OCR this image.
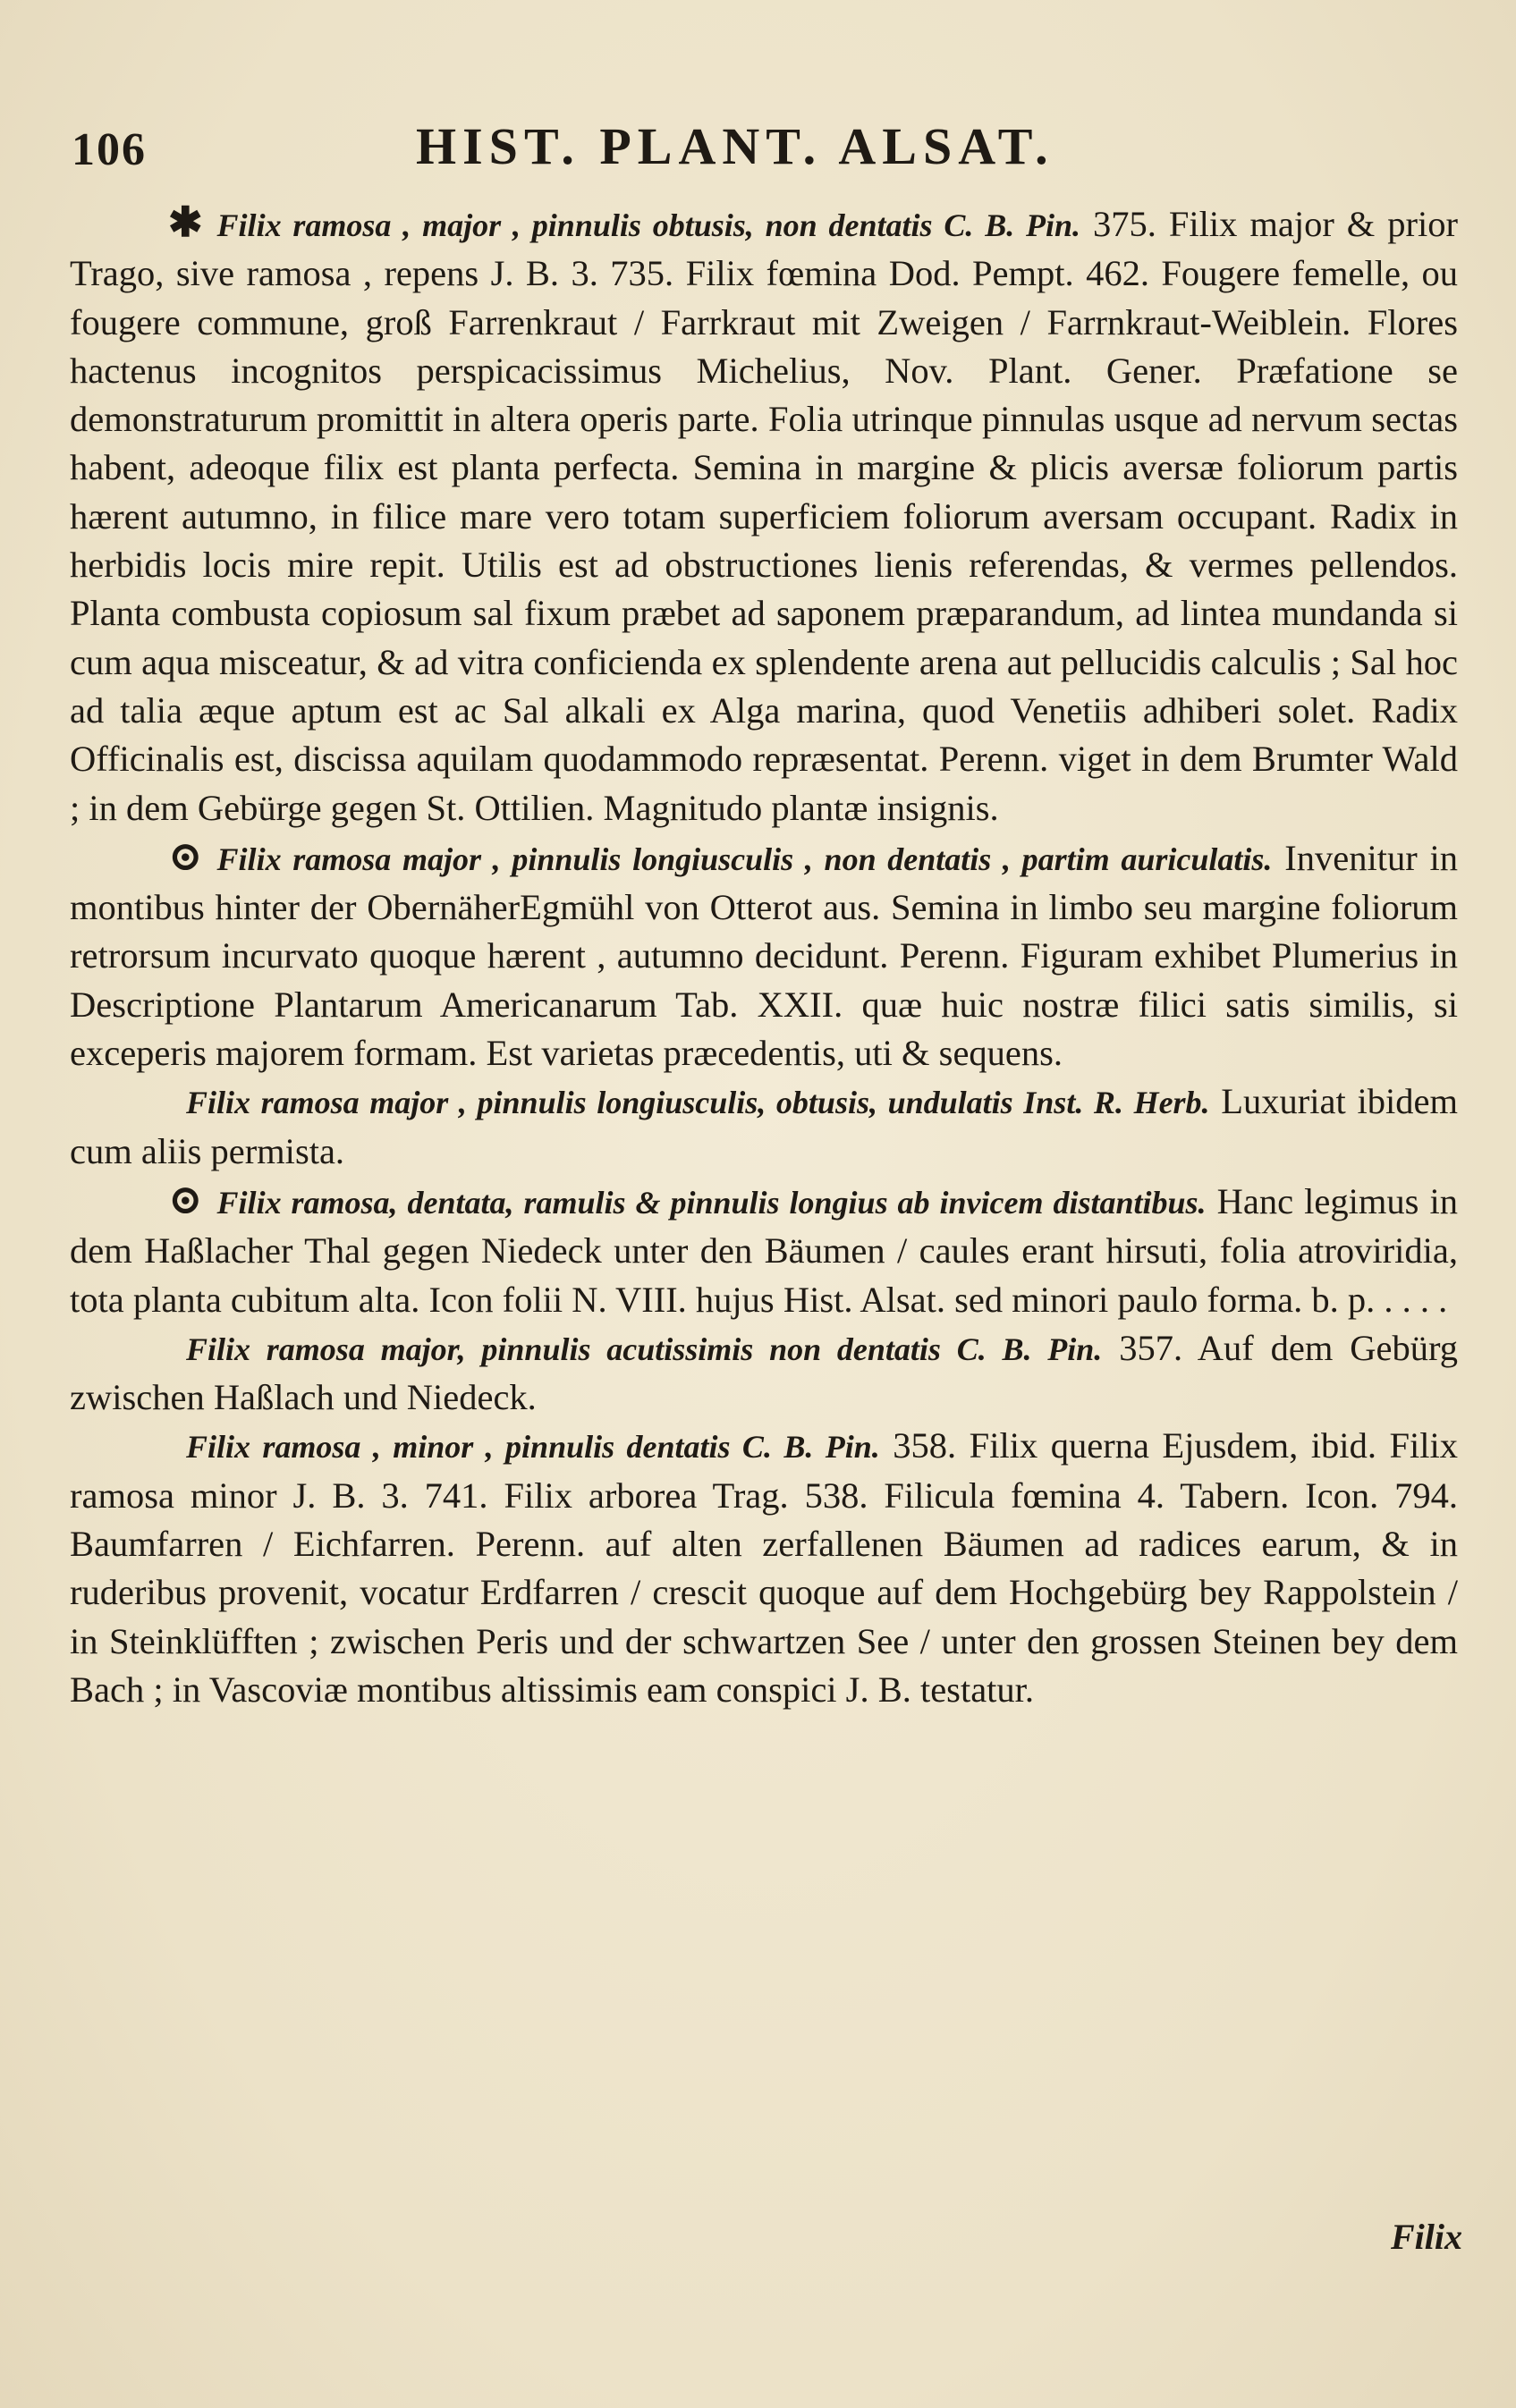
106	HIST. PLANT. ALSAT.

✱ Filix ramosa , major , pinnulis obtusis, non dentatis C. B. Pin. 375. Filix major & prior Trago, sive ramosa , repens J. B. 3. 735. Filix fœmina Dod. Pempt. 462. Fougere femelle, ou fougere commune, groß Farrenkraut / Farrkraut mit Zweigen / Farrnkraut-Weiblein. Flores hactenus incognitos perspicacissimus Michelius, Nov. Plant. Gener. Præfatione se demonstraturum promittit in altera operis parte. Folia utrinque pinnulas usque ad nervum sectas habent, adeoque filix est planta perfecta. Semina in margine & plicis aversæ foliorum partis hærent autumno, in filice mare vero totam superficiem foliorum aversam occupant. Radix in herbidis locis mire repit. Utilis est ad obstructiones lienis referendas, & vermes pellendos. Planta combusta copiosum sal fixum præbet ad saponem præparandum, ad lintea mundanda si cum aqua misceatur, & ad vitra conficienda ex splendente arena aut pellucidis calculis ; Sal hoc ad talia æque aptum est ac Sal alkali ex Alga marina, quod Venetiis adhiberi solet. Radix Officinalis est, discissa aquilam quodammodo repræsentat. Perenn. viget in dem Brumter Wald ; in dem Gebürge gegen St. Ottilien. Magnitudo plantæ insignis.

⊙ Filix ramosa major , pinnulis longiusculis , non dentatis , partim auriculatis. Invenitur in montibus hinter der ObernäherEgmühl von Otterot aus. Semina in limbo seu margine foliorum retrorsum incurvato quoque hærent , autumno decidunt. Perenn. Figuram exhibet Plumerius in Descriptione Plantarum Americanarum Tab. XXII. quæ huic nostræ filici satis similis, si exceperis majorem formam. Est varietas præcedentis, uti & sequens.

Filix ramosa major , pinnulis longiusculis, obtusis, undulatis Inst. R. Herb. Luxuriat ibidem cum aliis permista.

⊙ Filix ramosa, dentata, ramulis & pinnulis longius ab invicem distantibus. Hanc legimus in dem Haßlacher Thal gegen Niedeck unter den Bäumen / caules erant hirsuti, folia atroviridia, tota planta cubitum alta. Icon folii N. VIII. hujus Hist. Alsat. sed minori paulo forma. b. p. . . . .

Filix ramosa major, pinnulis acutissimis non dentatis C. B. Pin. 357. Auf dem Gebürg zwischen Haßlach und Niedeck.

Filix ramosa , minor , pinnulis dentatis C. B. Pin. 358. Filix querna Ejusdem, ibid. Filix ramosa minor J. B. 3. 741. Filix arborea Trag. 538. Filicula fœmina 4. Tabern. Icon. 794. Baumfarren / Eichfarren. Perenn. auf alten zerfallenen Bäumen ad radices earum, & in ruderibus provenit, vocatur Erdfarren / crescit quoque auf dem Hochgebürg bey Rappolstein / in Steinklüfften ; zwischen Peris und der schwartzen See / unter den grossen Steinen bey dem Bach ; in Vascoviæ montibus altissimis eam conspici J. B. testatur.

Filix
